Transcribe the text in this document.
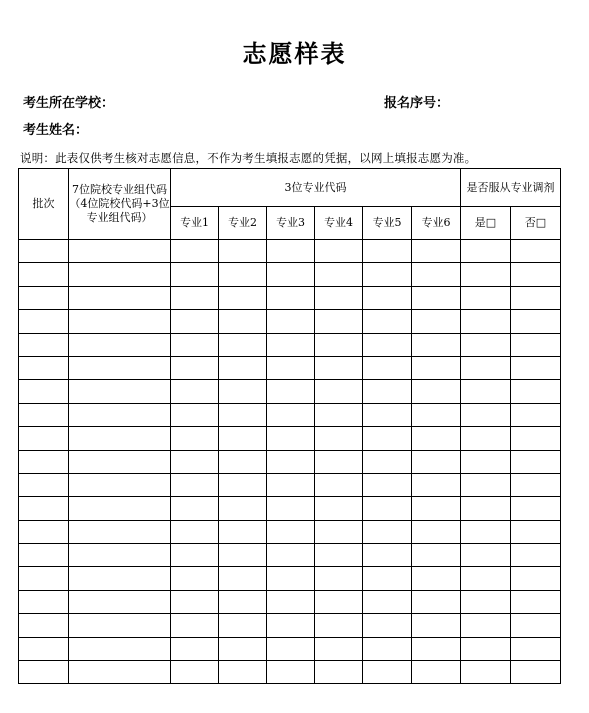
志愿样表
考生所在学校：	报名序号：
考生姓名：
说明：此表仅供考生核对志愿信息，不作为考生填报志愿的凭据，以网上填报志愿为准。
批次	7位院校专业组代码（4位院校代码+3位专业组代码）	3位专业代码						是否服从专业调剂	
		专业1	专业2	专业3	专业4	专业5	专业6	是□	否□
